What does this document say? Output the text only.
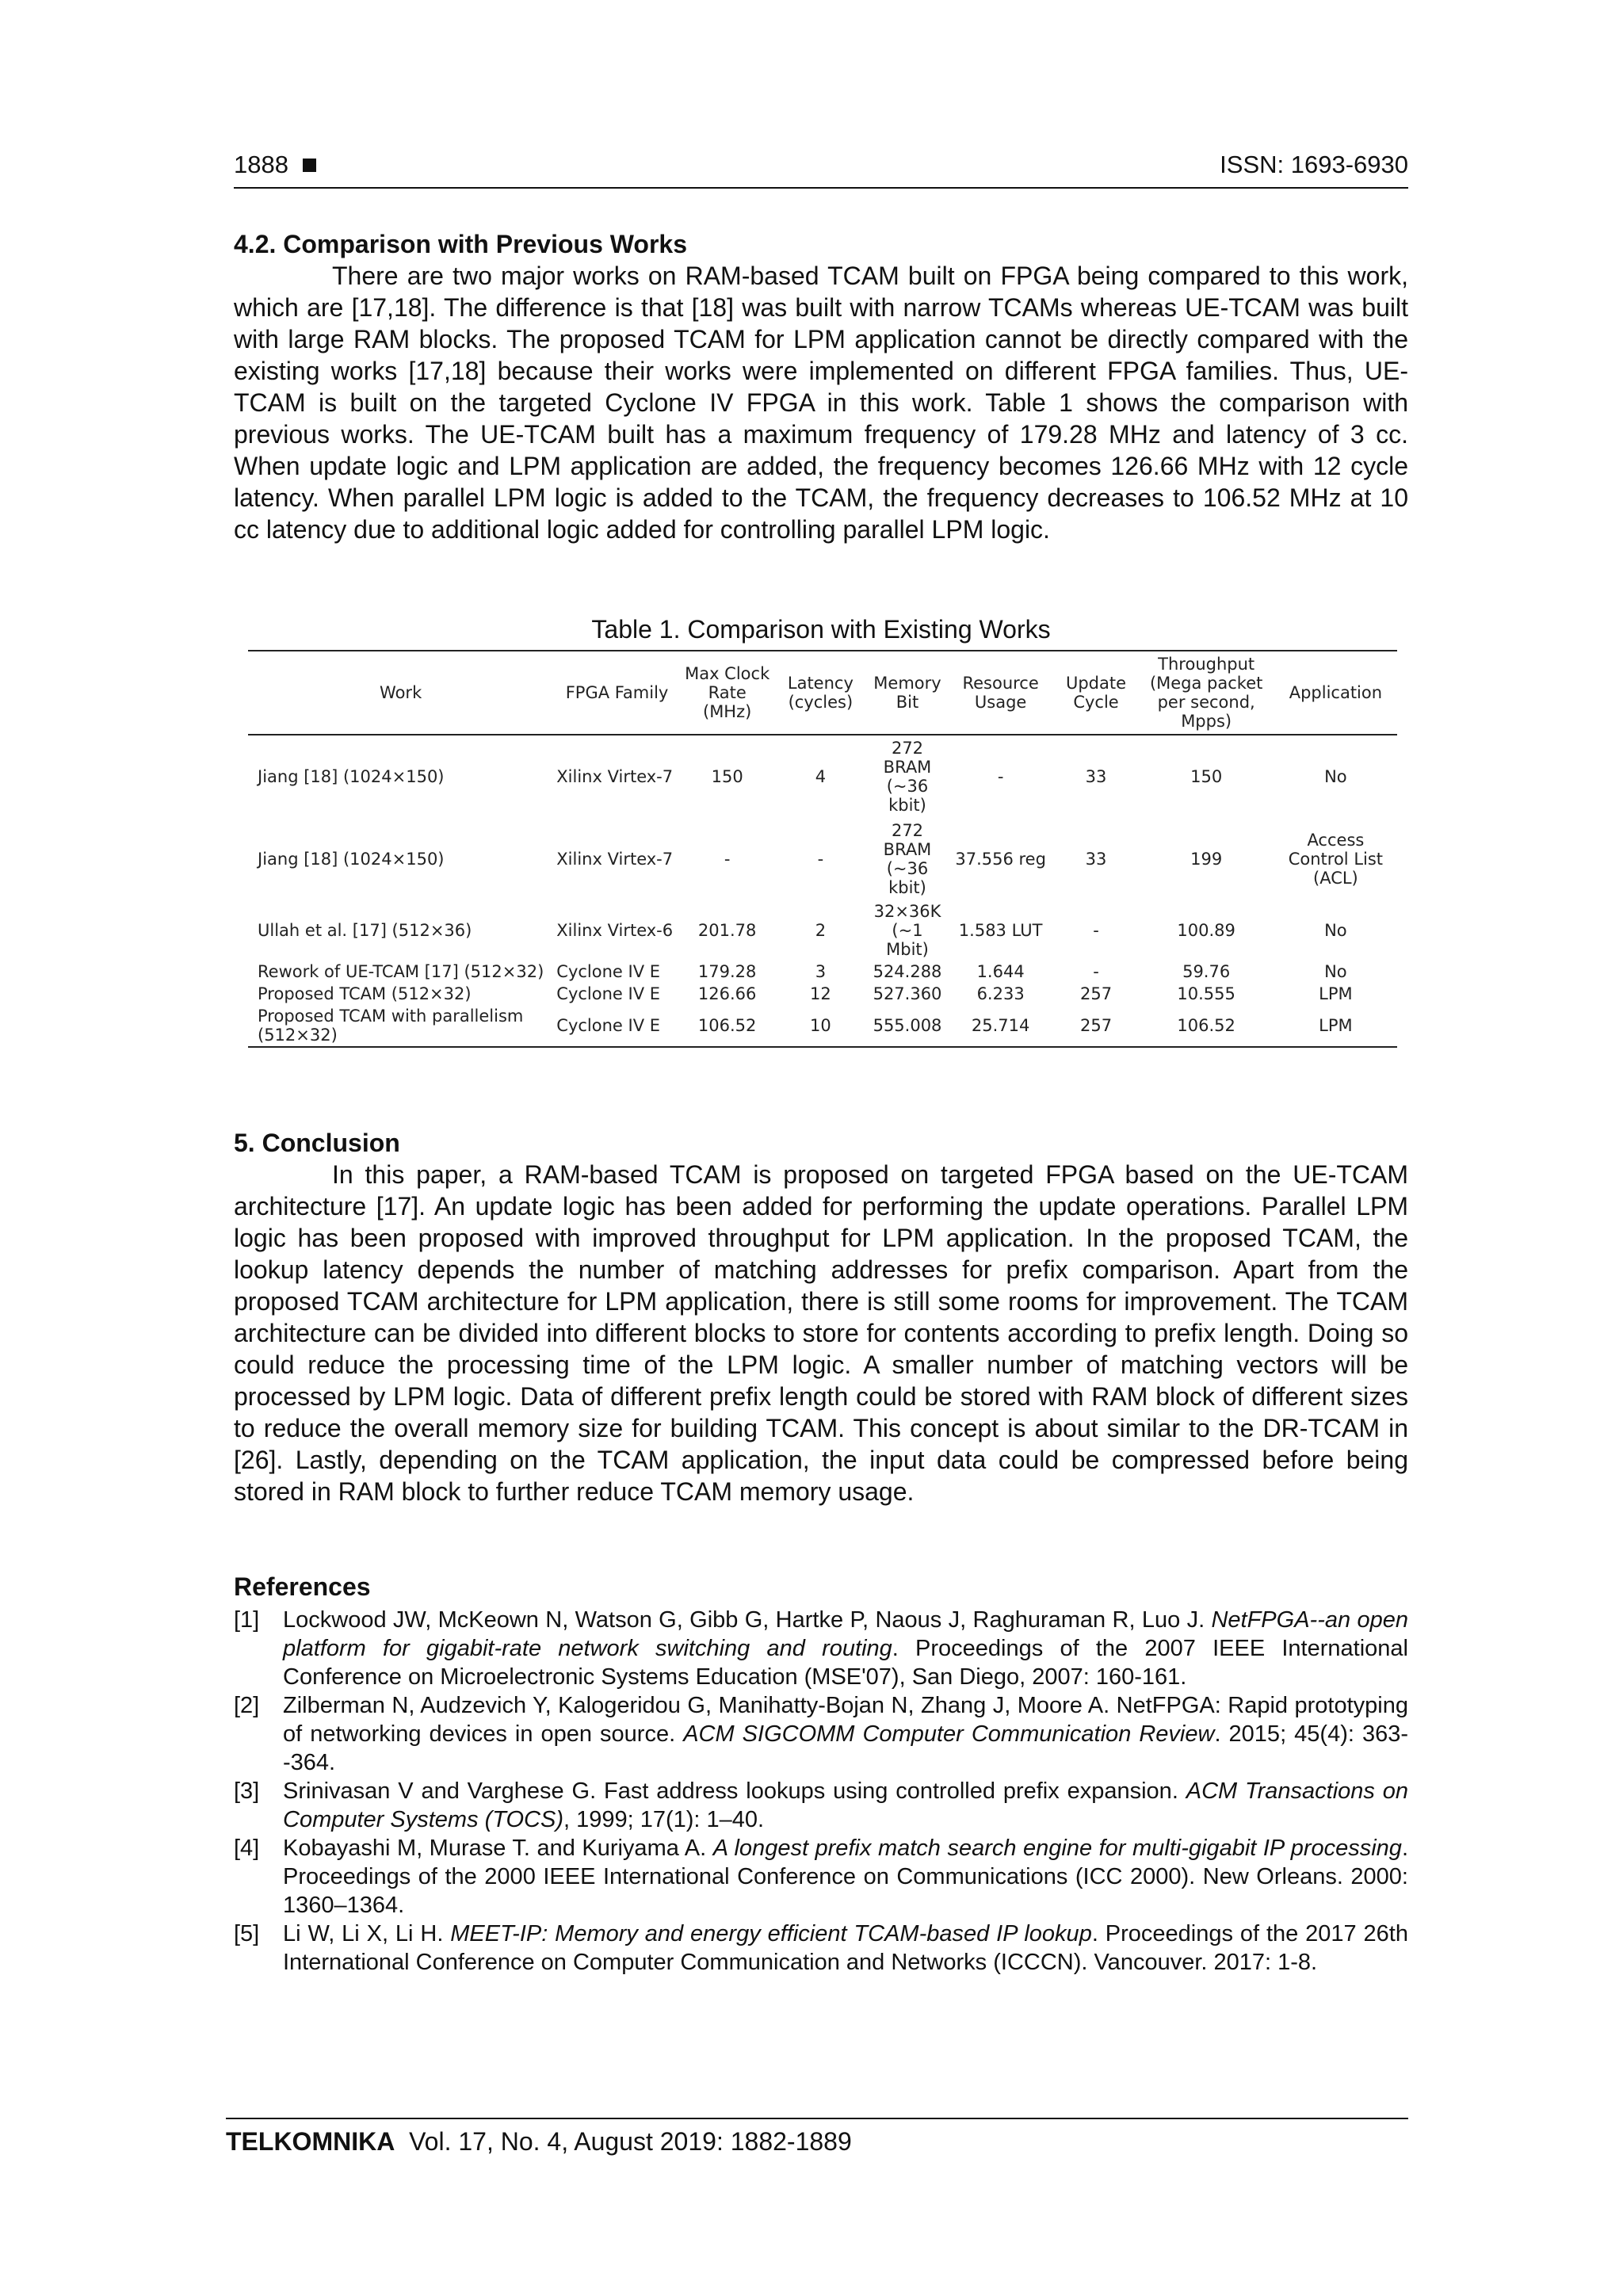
1888	ISSN: 1693-6930
4.2. Comparison with Previous Works

There are two major works on RAM-based TCAM built on FPGA being compared to this work, which are [17,18]. The difference is that [18] was built with narrow TCAMs whereas UE-TCAM was built with large RAM blocks. The proposed TCAM for LPM application cannot be directly compared with the existing works [17,18] because their works were implemented on different FPGA families. Thus, UE-TCAM is built on the targeted Cyclone IV FPGA in this work. Table 1 shows the comparison with previous works. The UE-TCAM built has a maximum frequency of 179.28 MHz and latency of 3 cc. When update logic and LPM application are added, the frequency becomes 126.66 MHz with 12 cycle latency. When parallel LPM logic is added to the TCAM, the frequency decreases to 106.52 MHz at 10 cc latency due to additional logic added for controlling parallel LPM logic.

Table 1. Comparison with Existing Works
Work	FPGA Family	Max Clock Rate (MHz)	Latency (cycles)	Memory Bit	Resource Usage	Update Cycle	Throughput (Mega packet per second, Mpps)	Application
Jiang [18] (1024×150)	Xilinx Virtex-7	150	4	272 BRAM (~36 kbit)	-	33	150	No
Jiang [18] (1024×150)	Xilinx Virtex-7	-	-	272 BRAM (~36 kbit)	37.556 reg	33	199	Access Control List (ACL)
Ullah et al. [17] (512×36)	Xilinx Virtex-6	201.78	2	32×36K (~1 Mbit)	1.583 LUT	-	100.89	No
Rework of UE-TCAM [17] (512×32)	Cyclone IV E	179.28	3	524.288	1.644	-	59.76	No
Proposed TCAM (512×32)	Cyclone IV E	126.66	12	527.360	6.233	257	10.555	LPM
Proposed TCAM with parallelism (512×32)	Cyclone IV E	106.52	10	555.008	25.714	257	106.52	LPM
5. Conclusion

In this paper, a RAM-based TCAM is proposed on targeted FPGA based on the UE-TCAM architecture [17]. An update logic has been added for performing the update operations. Parallel LPM logic has been proposed with improved throughput for LPM application. In the proposed TCAM, the lookup latency depends the number of matching addresses for prefix comparison. Apart from the proposed TCAM architecture for LPM application, there is still some rooms for improvement. The TCAM architecture can be divided into different blocks to store for contents according to prefix length. Doing so could reduce the processing time of the LPM logic. A smaller number of matching vectors will be processed by LPM logic. Data of different prefix length could be stored with RAM block of different sizes to reduce the overall memory size for building TCAM. This concept is about similar to the DR-TCAM in [26]. Lastly, depending on the TCAM application, the input data could be compressed before being stored in RAM block to further reduce TCAM memory usage.

References
[1]	Lockwood JW, McKeown N, Watson G, Gibb G, Hartke P, Naous J, Raghuraman R, Luo J. NetFPGA--an open platform for gigabit-rate network switching and routing. Proceedings of the 2007 IEEE International Conference on Microelectronic Systems Education (MSE'07), San Diego, 2007: 160-161.
[2]	Zilberman N, Audzevich Y, Kalogeridou G, Manihatty-Bojan N, Zhang J, Moore A. NetFPGA: Rapid prototyping of networking devices in open source. ACM SIGCOMM Computer Communication Review. 2015; 45(4): 363--364.
[3]	Srinivasan V and Varghese G. Fast address lookups using controlled prefix expansion. ACM Transactions on Computer Systems (TOCS), 1999; 17(1): 1–40.
[4]	Kobayashi M, Murase T. and Kuriyama A. A longest prefix match search engine for multi-gigabit IP processing. Proceedings of the 2000 IEEE International Conference on Communications (ICC 2000). New Orleans. 2000: 1360–1364.
[5]	Li W, Li X, Li H. MEET-IP: Memory and energy efficient TCAM-based IP lookup. Proceedings of the 2017 26th International Conference on Computer Communication and Networks (ICCCN). Vancouver. 2017: 1-8.
TELKOMNIKA Vol. 17, No. 4, August 2019: 1882-1889
